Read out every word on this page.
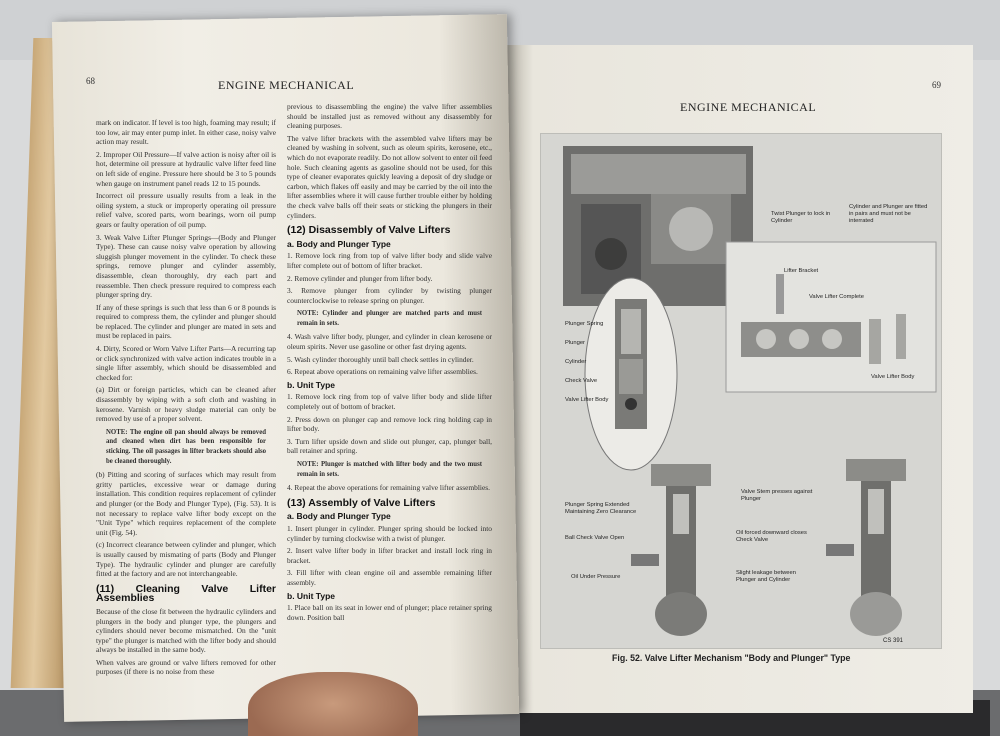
ENGINE MECHANICAL
69
CS 391
Plunger Spring
Plunger
Cylinder
Check Valve
Valve Lifter Body
Twist Plunger to lock in Cylinder
Cylinder and Plunger are fitted in pairs and must not be interrated
Lifter Bracket
Valve Lifter Complete
Valve Lifter Body
Plunger Spring Extended Maintaining Zero Clearance
Ball Check Valve Open
Oil Under Pressure
Valve Stem presses against Plunger
Oil forced downward closes Check Valve
Slight leakage between Plunger and Cylinder
Fig. 52. Valve Lifter Mechanism "Body and Plunger" Type
68	ENGINE MECHANICAL

mark on indicator. If level is too high, foaming may result; if too low, air may enter pump inlet. In either case, noisy valve action may result.

2. Improper Oil Pressure—If valve action is noisy after oil is hot, determine oil pressure at hydraulic valve lifter feed line on left side of engine. Pressure here should be 3 to 5 pounds when gauge on instrument panel reads 12 to 15 pounds.

Incorrect oil pressure usually results from a leak in the oiling system, a stuck or improperly operating oil pressure relief valve, scored parts, worn bearings, worn oil pump gears or faulty operation of oil pump.

3. Weak Valve Lifter Plunger Springs—(Body and Plunger Type). These can cause noisy valve operation by allowing sluggish plunger movement in the cylinder. To check these springs, remove plunger and cylinder assembly, disassemble, clean thoroughly, dry each part and reassemble. Then check pressure required to compress each plunger spring dry.

If any of these springs is such that less than 6 or 8 pounds is required to compress them, the cylinder and plunger should be replaced. The cylinder and plunger are mated in sets and must be replaced in pairs.

4. Dirty, Scored or Worn Valve Lifter Parts—A recurring tap or click synchronized with valve action indicates trouble in a single lifter assembly, which should be disassembled and checked for:

(a) Dirt or foreign particles, which can be cleaned after disassembly by wiping with a soft cloth and washing in kerosene. Varnish or heavy sludge material can only be removed by use of a proper solvent.

NOTE: The engine oil pan should always be removed and cleaned when dirt has been responsible for sticking. The oil passages in lifter brackets should also be cleaned thoroughly.

(b) Pitting and scoring of surfaces which may result from gritty particles, excessive wear or damage during installation. This condition requires replacement of cylinder and plunger (or the Body and Plunger Type), (Fig. 53). It is not necessary to replace valve lifter body except on the "Unit Type" which requires replacement of the complete unit (Fig. 54).

(c) Incorrect clearance between cylinder and plunger, which is usually caused by mismating of parts (Body and Plunger Type). The hydraulic cylinder and plunger are carefully fitted at the factory and are not interchangeable.

(11) Cleaning Valve Lifter Assemblies

Because of the close fit between the hydraulic cylinders and plungers in the body and plunger type, the plungers and cylinders should never become mismatched. On the "unit type" the plunger is matched with the lifter body and should always be installed in the same body.

When valves are ground or valve lifters removed for other purposes (if there is no noise from these

previous to disassembling the engine) the valve lifter assemblies should be installed just as removed without any disassembly for cleaning purposes.

The valve lifter brackets with the assembled valve lifters may be cleaned by washing in solvent, such as oleum spirits, kerosene, etc., which do not evaporate readily. Do not allow solvent to enter oil feed hole. Such cleaning agents as gasoline should not be used, for this type of cleaner evaporates quickly leaving a deposit of dry sludge or carbon, which flakes off easily and may be carried by the oil into the lifter assemblies where it will cause further trouble either by holding the check valve balls off their seats or sticking the plungers in their cylinders.

(12) Disassembly of Valve Lifters
a. Body and Plunger Type

1. Remove lock ring from top of valve lifter body and slide valve lifter complete out of bottom of lifter bracket.

2. Remove cylinder and plunger from lifter body.

3. Remove plunger from cylinder by twisting plunger counterclockwise to release spring on plunger.

NOTE: Cylinder and plunger are matched parts and must remain in sets.

4. Wash valve lifter body, plunger, and cylinder in clean kerosene or oleum spirits. Never use gasoline or other fast drying agents.

5. Wash cylinder thoroughly until ball check settles in cylinder.

6. Repeat above operations on remaining valve lifter assemblies.

b. Unit Type

1. Remove lock ring from top of valve lifter body and slide lifter completely out of bottom of bracket.

2. Press down on plunger cap and remove lock ring holding cap in lifter body.

3. Turn lifter upside down and slide out plunger, cap, plunger ball, ball retainer and spring.

NOTE: Plunger is matched with lifter body and the two must remain in sets.

4. Repeat the above operations for remaining valve lifter assemblies.

(13) Assembly of Valve Lifters
a. Body and Plunger Type

1. Insert plunger in cylinder. Plunger spring should be locked into cylinder by turning clockwise with a twist of plunger.

2. Insert valve lifter body in lifter bracket and install lock ring in bracket.

3. Fill lifter with clean engine oil and assemble remaining lifter assembly.

b. Unit Type

1. Place ball on its seat in lower end of plunger; place retainer spring down. Position ball
